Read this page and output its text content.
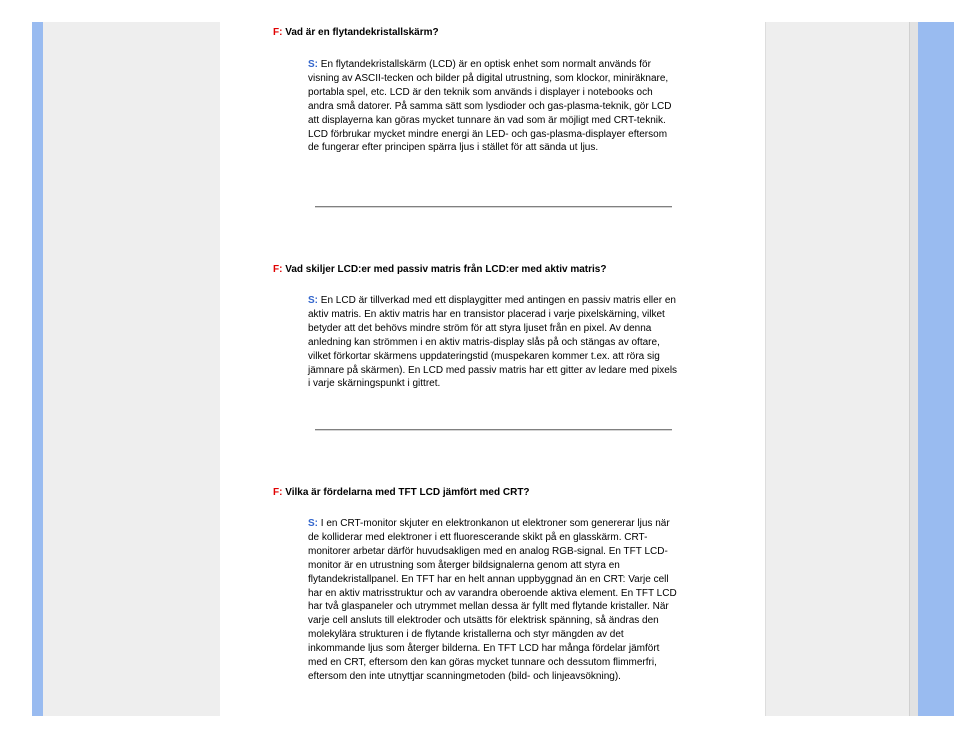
F: Vad är en flytandekristallskärm?
S: En flytandekristallskärm (LCD) är en optisk enhet som normalt används för visning av ASCII-tecken och bilder på digital utrustning, som klockor, miniräknare, portabla spel, etc. LCD är den teknik som används i displayer i notebooks och andra små datorer. På samma sätt som lysdioder och gas-plasma-teknik, gör LCD att displayerna kan göras mycket tunnare än vad som är möjligt med CRT-teknik. LCD förbrukar mycket mindre energi än LED- och gas-plasma-displayer eftersom de fungerar efter principen spärra ljus i stället för att sända ut ljus.
F: Vad skiljer LCD:er med passiv matris från LCD:er med aktiv matris?
S: En LCD är tillverkad med ett displaygitter med antingen en passiv matris eller en aktiv matris. En aktiv matris har en transistor placerad i varje pixelskärning, vilket betyder att det behövs mindre ström för att styra ljuset från en pixel. Av denna anledning kan strömmen i en aktiv matris-display slås på och stängas av oftare, vilket förkortar skärmens uppdateringstid (muspekaren kommer t.ex. att röra sig jämnare på skärmen). En LCD med passiv matris har ett gitter av ledare med pixels i varje skärningspunkt i gittret.
F: Vilka är fördelarna med TFT LCD jämfört med CRT?
S: I en CRT-monitor skjuter en elektronkanon ut elektroner som genererar ljus när de kolliderar med elektroner i ett fluorescerande skikt på en glasskärm. CRT-monitorer arbetar därför huvudsakligen med en analog RGB-signal. En TFT LCD-monitor är en utrustning som återger bildsignalerna genom att styra en flytandekristallpanel. En TFT har en helt annan uppbyggnad än en CRT: Varje cell har en aktiv matrisstruktur och av varandra oberoende aktiva element. En TFT LCD har två glaspaneler och utrymmet mellan dessa är fyllt med flytande kristaller. När varje cell ansluts till elektroder och utsätts för elektrisk spänning, så ändras den molekylära strukturen i de flytande kristallerna och styr mängden av det inkommande ljus som återger bilderna. En TFT LCD har många fördelar jämfört med en CRT, eftersom den kan göras mycket tunnare och dessutom flimmerfri, eftersom den inte utnyttjar scanningmetoden (bild- och linjeavsökning).
